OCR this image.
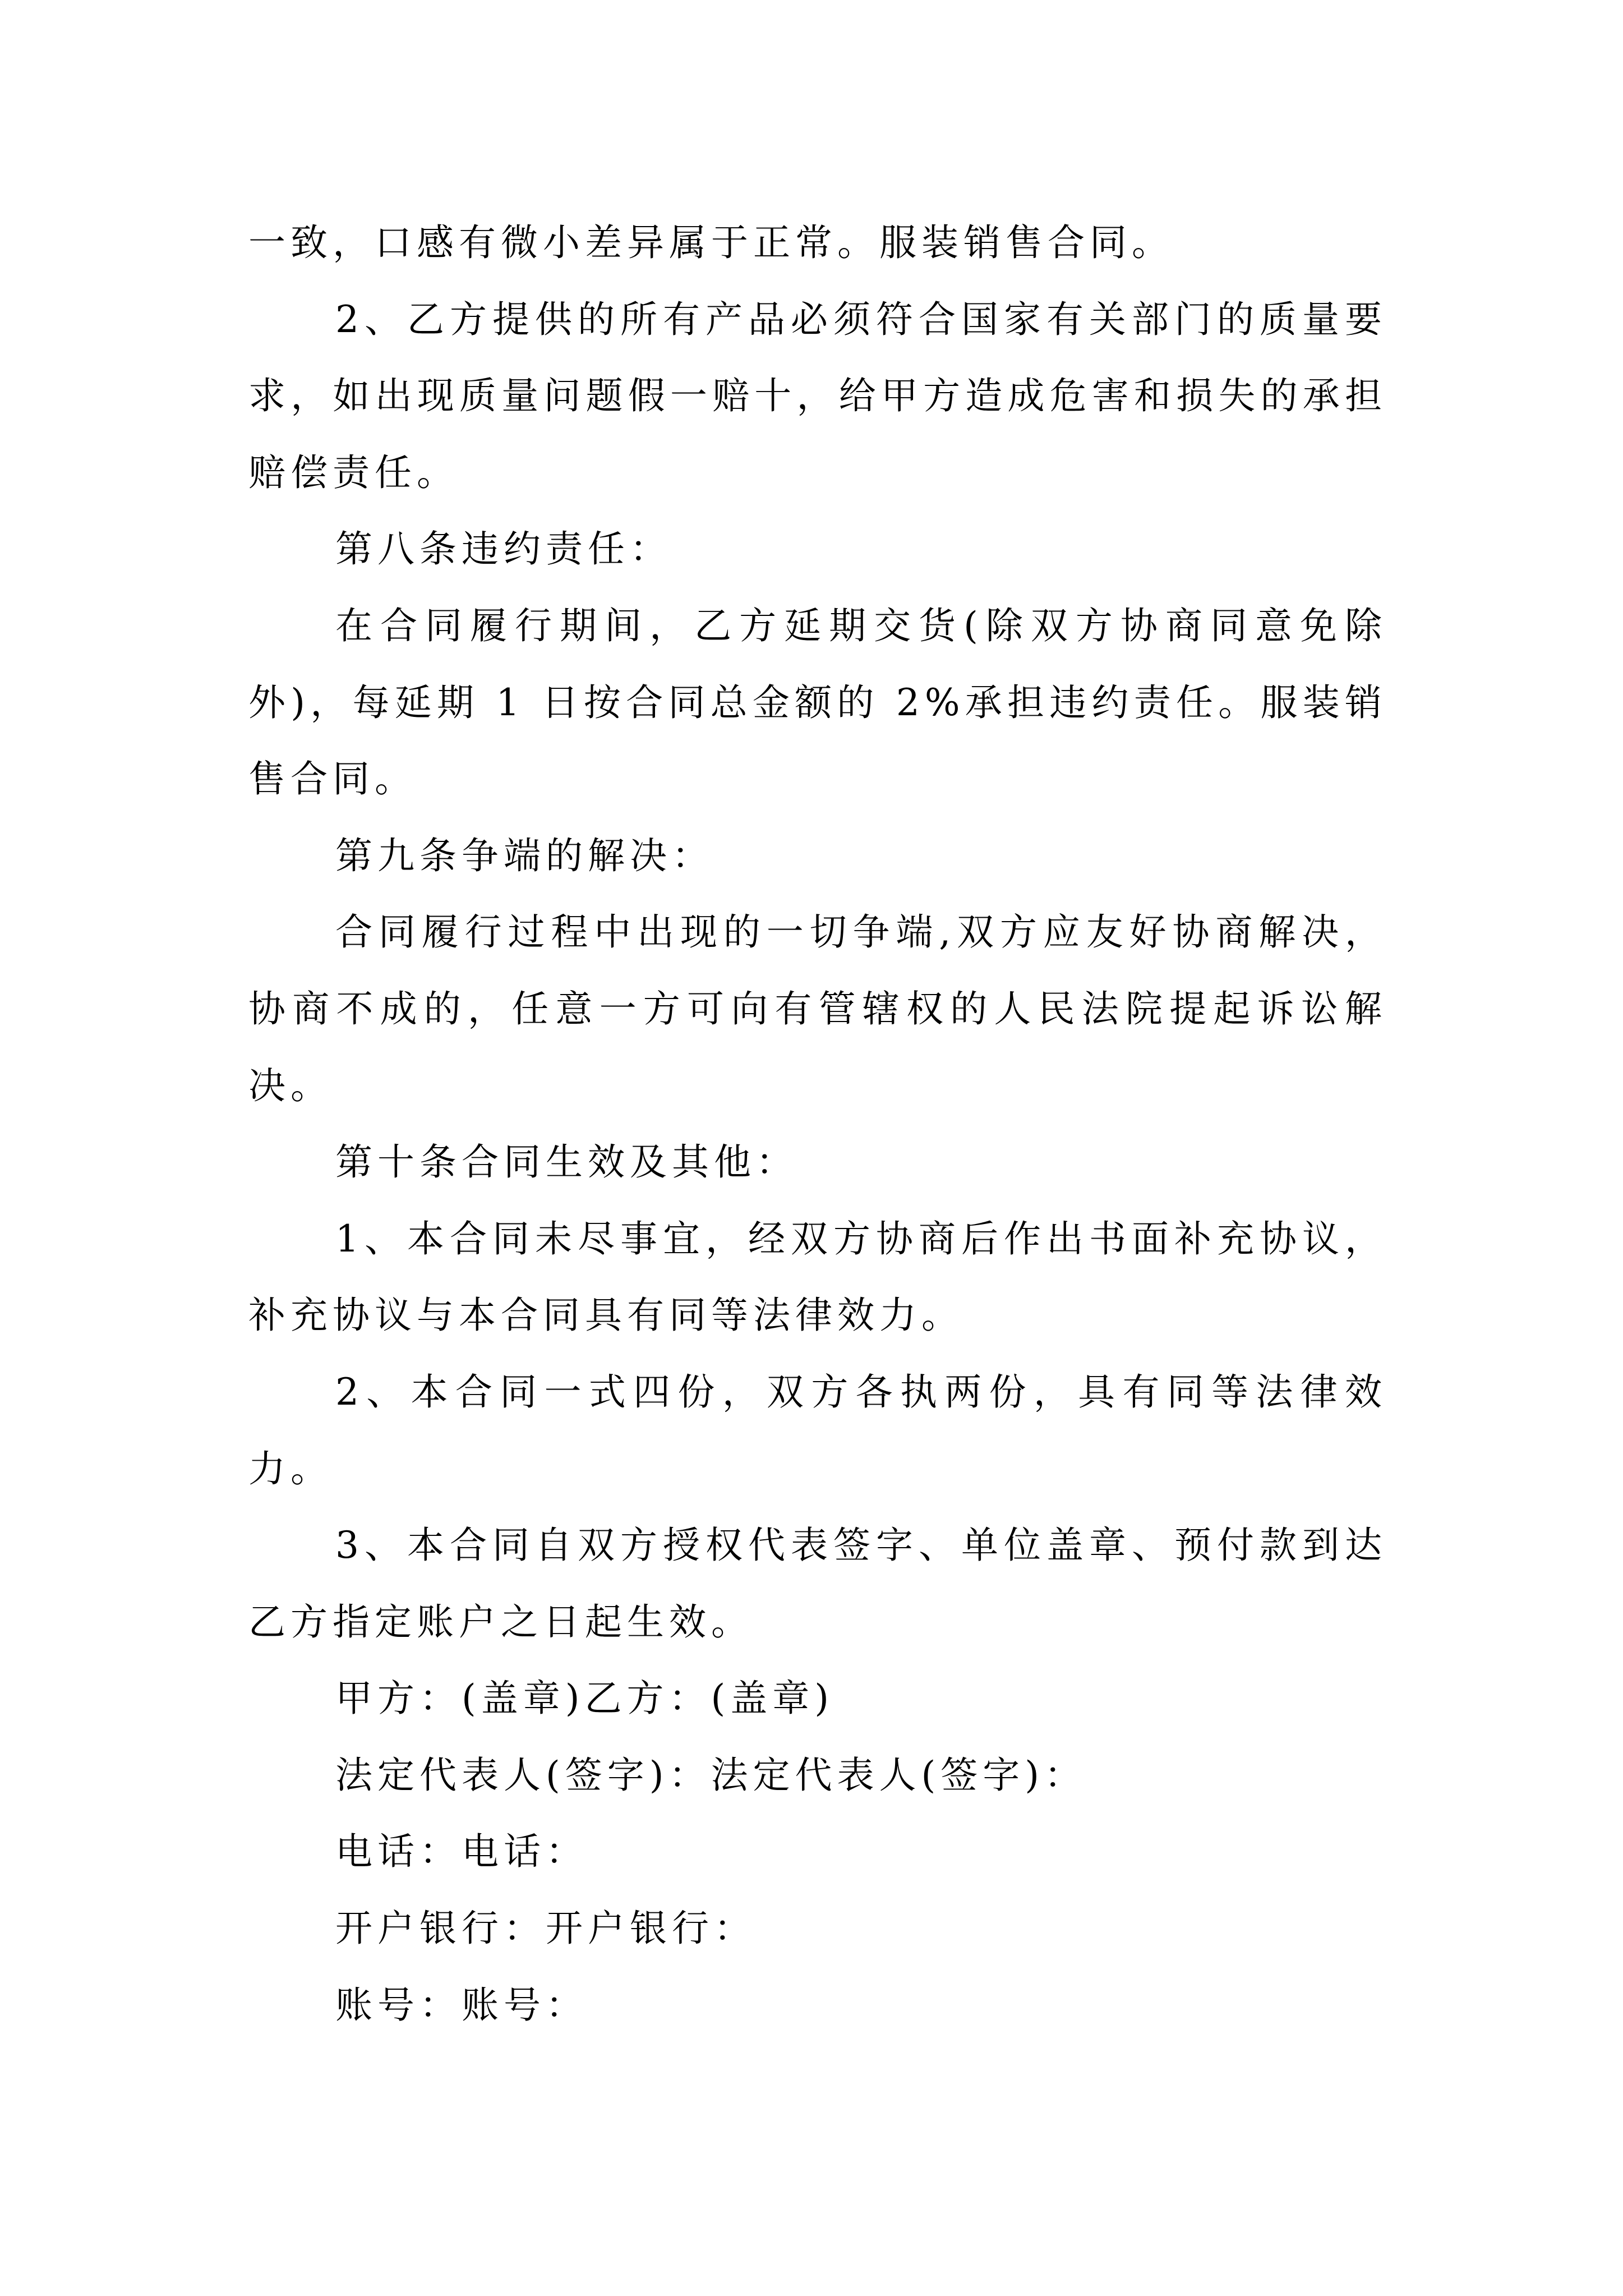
一致，口感有微小差异属于正常。服装销售合同。

2、乙方提供的所有产品必须符合国家有关部门的质量要求，如出现质量问题假一赔十，给甲方造成危害和损失的承担赔偿责任。

第八条违约责任：

在合同履行期间，乙方延期交货(除双方协商同意免除外)，每延期 1 日按合同总金额的 2%承担违约责任。服装销售合同。

第九条争端的解决：

合同履行过程中出现的一切争端,双方应友好协商解决，协商不成的，任意一方可向有管辖权的人民法院提起诉讼解决。

第十条合同生效及其他：

1、本合同未尽事宜，经双方协商后作出书面补充协议，补充协议与本合同具有同等法律效力。

2、本合同一式四份，双方各执两份，具有同等法律效力。

3、本合同自双方授权代表签字、单位盖章、预付款到达乙方指定账户之日起生效。

甲方：(盖章)乙方：(盖章)

法定代表人(签字)：法定代表人(签字)：

电话：电话：

开户银行：开户银行：

账号：账号：
